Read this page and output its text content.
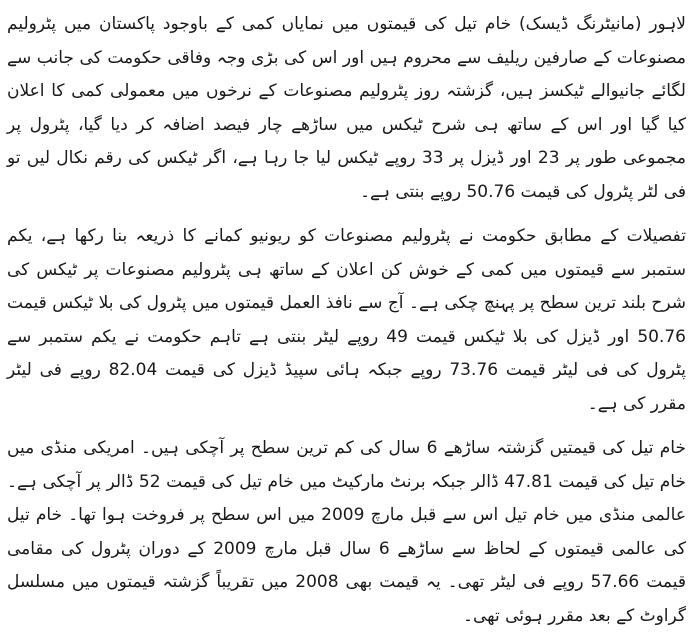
لاہور (مانیٹرنگ ڈیسک) خام تیل کی قیمتوں میں نمایاں کمی کے باوجود پاکستان میں پٹرولیم مصنوعات کے صارفین ریلیف سے محروم ہیں اور اس کی بڑی وجہ وفاقی حکومت کی جانب سے لگائے جانیوالے ٹیکسز ہیں، گزشتہ روز پٹرولیم مصنوعات کے نرخوں میں معمولی کمی کا اعلان کیا گیا اور اس کے ساتھ ہی شرح ٹیکس میں ساڑھے چار فیصد اضافہ کر دیا گیا، پٹرول پر مجموعی طور پر 23 اور ڈیزل پر 33 روپے ٹیکس لیا جا رہا ہے، اگر ٹیکس کی رقم نکال لیں تو فی لٹر پٹرول کی قیمت 50.76 روپے بنتی ہے۔

تفصیلات کے مطابق حکومت نے پٹرولیم مصنوعات کو ریونیو کمانے کا ذریعہ بنا رکھا ہے، یکم ستمبر سے قیمتوں میں کمی کے خوش کن اعلان کے ساتھ ہی پٹرولیم مصنوعات پر ٹیکس کی شرح بلند ترین سطح پر پہنچ چکی ہے۔ آج سے نافذ العمل قیمتوں میں پٹرول کی بلا ٹیکس قیمت 50.76 اور ڈیزل کی بلا ٹیکس قیمت 49 روپے لیٹر بنتی ہے تاہم حکومت نے یکم ستمبر سے پٹرول کی فی لیٹر قیمت 73.76 روپے جبکہ ہائی سپیڈ ڈیزل کی قیمت 82.04 روپے فی لیٹر مقرر کی ہے۔

خام تیل کی قیمتیں گزشتہ ساڑھے 6 سال کی کم ترین سطح پر آچکی ہیں۔ امریکی منڈی میں خام تیل کی قیمت 47.81 ڈالر جبکہ برنٹ مارکیٹ میں خام تیل کی قیمت 52 ڈالر پر آچکی ہے۔ عالمی منڈی میں خام تیل اس سے قبل مارچ 2009 میں اس سطح پر فروخت ہوا تھا۔ خام تیل کی عالمی قیمتوں کے لحاظ سے ساڑھے 6 سال قبل مارچ 2009 کے دوران پٹرول کی مقامی قیمت 57.66 روپے فی لیٹر تھی۔ یہ قیمت بھی 2008 میں تقریباً گزشتہ قیمتوں میں مسلسل گراوٹ کے بعد مقرر ہوئی تھی۔
